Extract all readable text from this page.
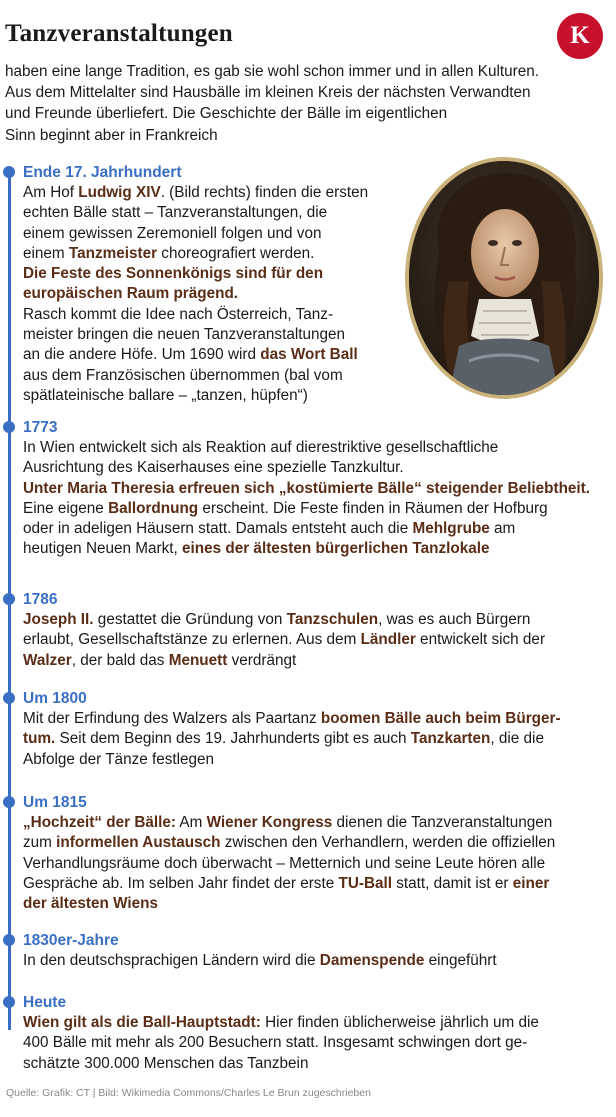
Tanzveranstaltungen	K
haben eine lange Tradition, es gab sie wohl schon immer und in allen Kulturen.
Aus dem Mittelalter sind Hausbälle im kleinen Kreis der nächsten Verwandten
und Freunde überliefert. Die Geschichte der Bälle im eigentlichen
Sinn beginnt aber in Frankreich
Ende 17. Jahrhundert
Am Hof Ludwig XIV. (Bild rechts) finden die ersten
echten Bälle statt – Tanzveranstaltungen, die
einem gewissen Zeremoniell folgen und von
einem Tanzmeister choreografiert werden.
Die Feste des Sonnenkönigs sind für den
europäischen Raum prägend.
Rasch kommt die Idee nach Österreich, Tanz-
meister bringen die neuen Tanzveranstaltungen
an die andere Höfe. Um 1690 wird das Wort Ball
aus dem Französischen übernommen (bal vom
spätlateinische ballare – „tanzen, hüpfen“)
1773
In Wien entwickelt sich als Reaktion auf dierestriktive gesellschaftliche
Ausrichtung des Kaiserhauses eine spezielle Tanzkultur.
Unter Maria Theresia erfreuen sich „kostümierte Bälle“ steigender Beliebtheit.
Eine eigene Ballordnung erscheint. Die Feste finden in Räumen der Hofburg
oder in adeligen Häusern statt. Damals entsteht auch die Mehlgrube am
heutigen Neuen Markt, eines der ältesten bürgerlichen Tanzlokale
1786
Joseph II. gestattet die Gründung von Tanzschulen, was es auch Bürgern
erlaubt, Gesellschaftstänze zu erlernen. Aus dem Ländler entwickelt sich der
Walzer, der bald das Menuett verdrängt
Um 1800
Mit der Erfindung des Walzers als Paartanz boomen Bälle auch beim Bürger-
tum. Seit dem Beginn des 19. Jahrhunderts gibt es auch Tanzkarten, die die
Abfolge der Tänze festlegen
Um 1815
„Hochzeit“ der Bälle: Am Wiener Kongress dienen die Tanzveranstaltungen
zum informellen Austausch zwischen den Verhandlern, werden die offiziellen
Verhandlungsräume doch überwacht – Metternich und seine Leute hören alle
Gespräche ab. Im selben Jahr findet der erste TU-Ball statt, damit ist er einer
der ältesten Wiens
1830er-Jahre
In den deutschsprachigen Ländern wird die Damenspende eingeführt
Heute
Wien gilt als die Ball-Hauptstadt: Hier finden üblicherweise jährlich um die
400 Bälle mit mehr als 200 Besuchern statt. Insgesamt schwingen dort ge-
schätzte 300.000 Menschen das Tanzbein
Quelle: Grafik: CT | Bild: Wikimedia Commons/Charles Le Brun zugeschrieben
